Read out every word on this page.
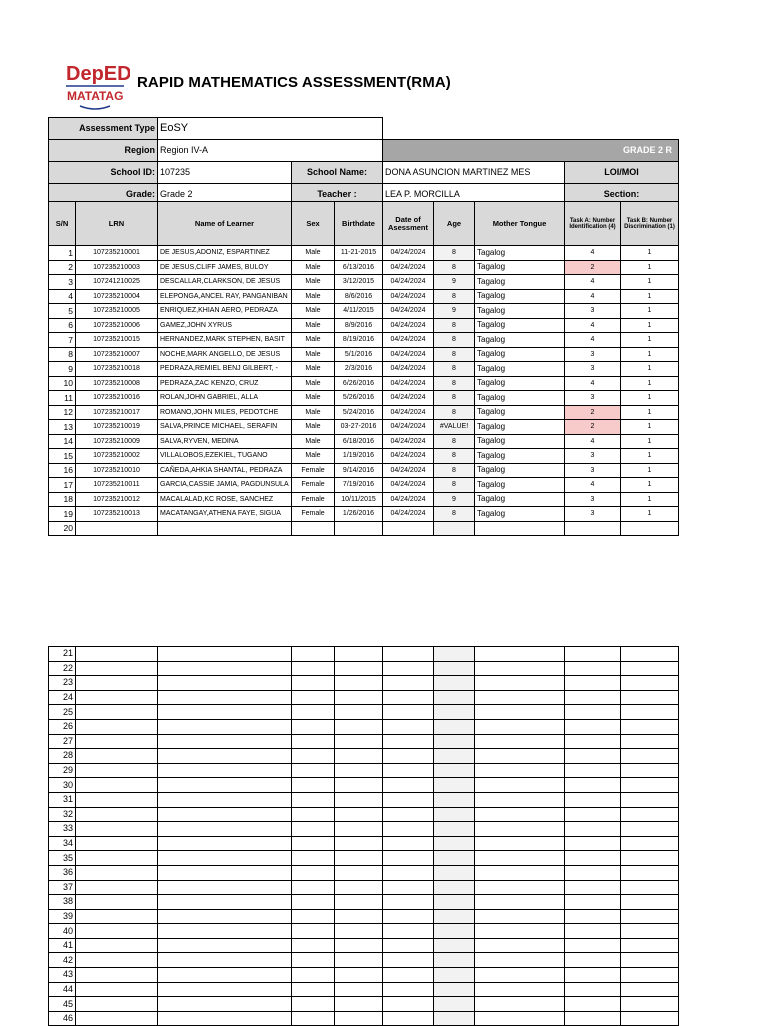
DepED
MATATAG
RAPID MATHEMATICS ASSESSMENT(RMA)
Assessment Type	EoSY			
Region	Region IV-A		GRADE 2 R	
School ID:	107235	School Name:	DONA ASUNCION MARTINEZ MES	LOI/MOI
Grade:	Grade 2	Teacher :	LEA P. MORCILLA	Section:
S/N	LRN	Name of Learner	Sex	Birthdate	Date of Asessment	Age	Mother Tongue	Task A: Number Identification (4)	Task B: Number Discrimination (1)
1	107235210001	DE JESUS,ADONIZ, ESPARTINEZ	Male	11-21-2015	04/24/2024	8	Tagalog	4	1
2	107235210003	DE JESUS,CLIFF JAMES, BULOY	Male	6/13/2016	04/24/2024	8	Tagalog	2	1
3	107241210025	DESCALLAR,CLARKSON, DE JESUS	Male	3/12/2015	04/24/2024	9	Tagalog	4	1
4	107235210004	ELEPONGA,ANCEL RAY, PANGANIBAN	Male	8/6/2016	04/24/2024	8	Tagalog	4	1
5	107235210005	ENRIQUEZ,KHIAN AERO, PEDRAZA	Male	4/11/2015	04/24/2024	9	Tagalog	3	1
6	107235210006	GAMEZ,JOHN XYRUS	Male	8/9/2016	04/24/2024	8	Tagalog	4	1
7	107235210015	HERNANDEZ,MARK STEPHEN, BASIT	Male	8/19/2016	04/24/2024	8	Tagalog	4	1
8	107235210007	NOCHE,MARK ANGELLO, DE JESUS	Male	5/1/2016	04/24/2024	8	Tagalog	3	1
9	107235210018	PEDRAZA,REMIEL BENJ GILBERT, -	Male	2/3/2016	04/24/2024	8	Tagalog	3	1
10	107235210008	PEDRAZA,ZAC KENZO, CRUZ	Male	6/26/2016	04/24/2024	8	Tagalog	4	1
11	107235210016	ROLAN,JOHN GABRIEL, ALLA	Male	5/26/2016	04/24/2024	8	Tagalog	3	1
12	107235210017	ROMANO,JOHN MILES, PEDOTCHE	Male	5/24/2016	04/24/2024	8	Tagalog	2	1
13	107235210019	SALVA,PRINCE MICHAEL, SERAFIN	Male	03-27-2016	04/24/2024	#VALUE!	Tagalog	2	1
14	107235210009	SALVA,RYVEN, MEDINA	Male	6/18/2016	04/24/2024	8	Tagalog	4	1
15	107235210002	VILLALOBOS,EZEKIEL, TUGANO	Male	1/19/2016	04/24/2024	8	Tagalog	3	1
16	107235210010	CAÑEDA,AHKIA SHANTAL, PEDRAZA	Female	9/14/2016	04/24/2024	8	Tagalog	3	1
17	107235210011	GARCIA,CASSIE JAMIA, PAGDUNSULA	Female	7/19/2016	04/24/2024	8	Tagalog	4	1
18	107235210012	MACALALAD,KC ROSE, SANCHEZ	Female	10/11/2015	04/24/2024	9	Tagalog	3	1
19	107235210013	MACATANGAY,ATHENA FAYE, SIGUA	Female	1/26/2016	04/24/2024	8	Tagalog	3	1
20									
21									
22									
23									
24									
25									
26									
27									
28									
29									
30									
31									
32									
33									
34									
35									
36									
37									
38									
39									
40									
41									
42									
43									
44									
45									
46									
